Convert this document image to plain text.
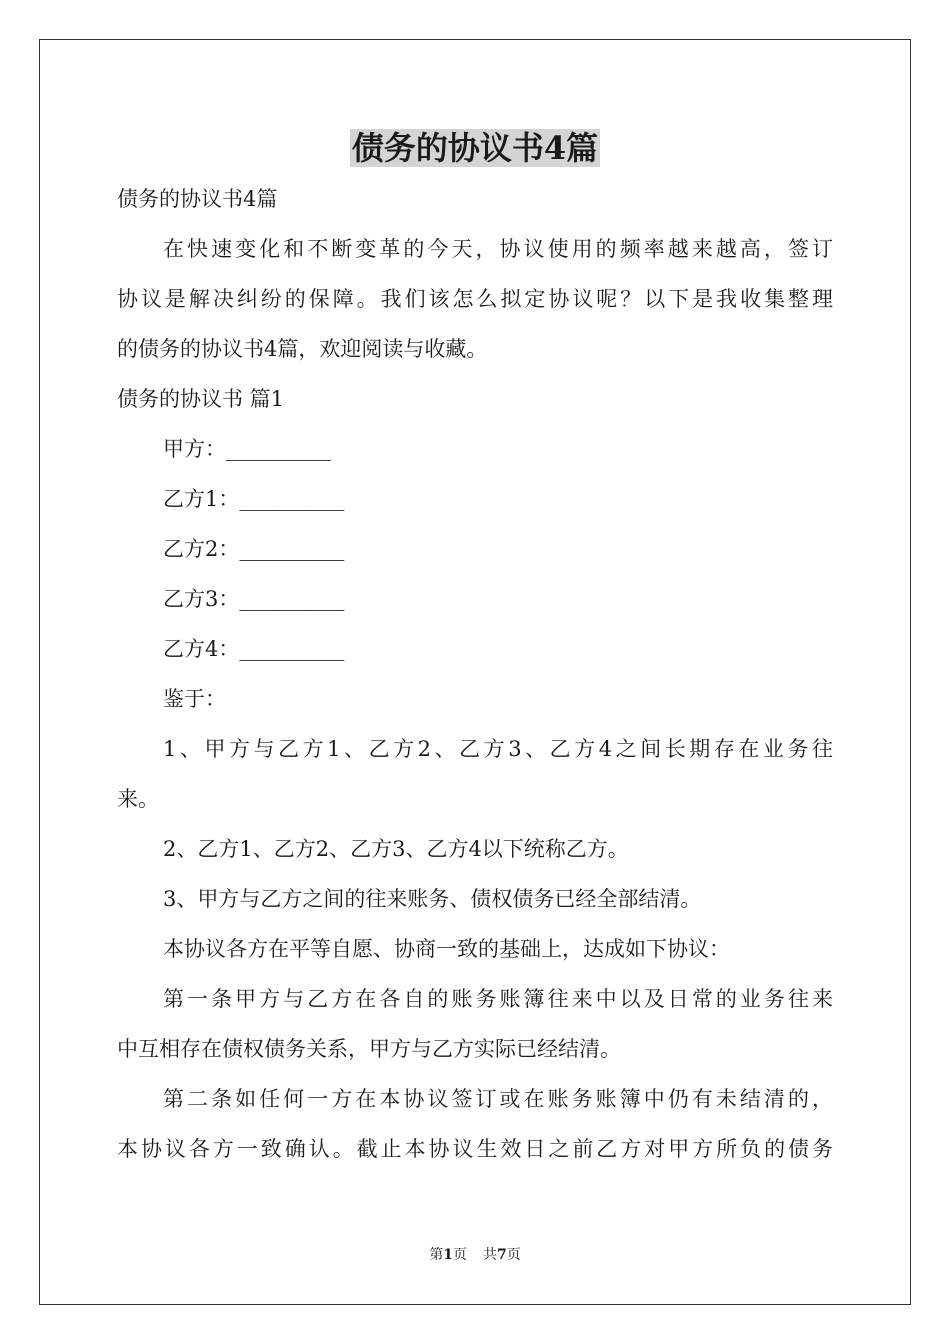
债务的协议书4篇
债务的协议书4篇
在快速变化和不断变革的今天，协议使用的频率越来越高，签订
协议是解决纠纷的保障。我们该怎么拟定协议呢？以下是我收集整理
的债务的协议书4篇，欢迎阅读与收藏。
债务的协议书 篇1
甲方：__________
乙方1：__________
乙方2：__________
乙方3：__________
乙方4：__________
鉴于：
1、甲方与乙方1、乙方2、乙方3、乙方4之间长期存在业务往
来。
2、乙方1、乙方2、乙方3、乙方4以下统称乙方。
3、甲方与乙方之间的往来账务、债权债务已经全部结清。
本协议各方在平等自愿、协商一致的基础上，达成如下协议：
第一条甲方与乙方在各自的账务账簿往来中以及日常的业务往来
中互相存在债权债务关系，甲方与乙方实际已经结清。
第二条如任何一方在本协议签订或在账务账簿中仍有未结清的，
本协议各方一致确认。截止本协议生效日之前乙方对甲方所负的债务
第1页 共7页
